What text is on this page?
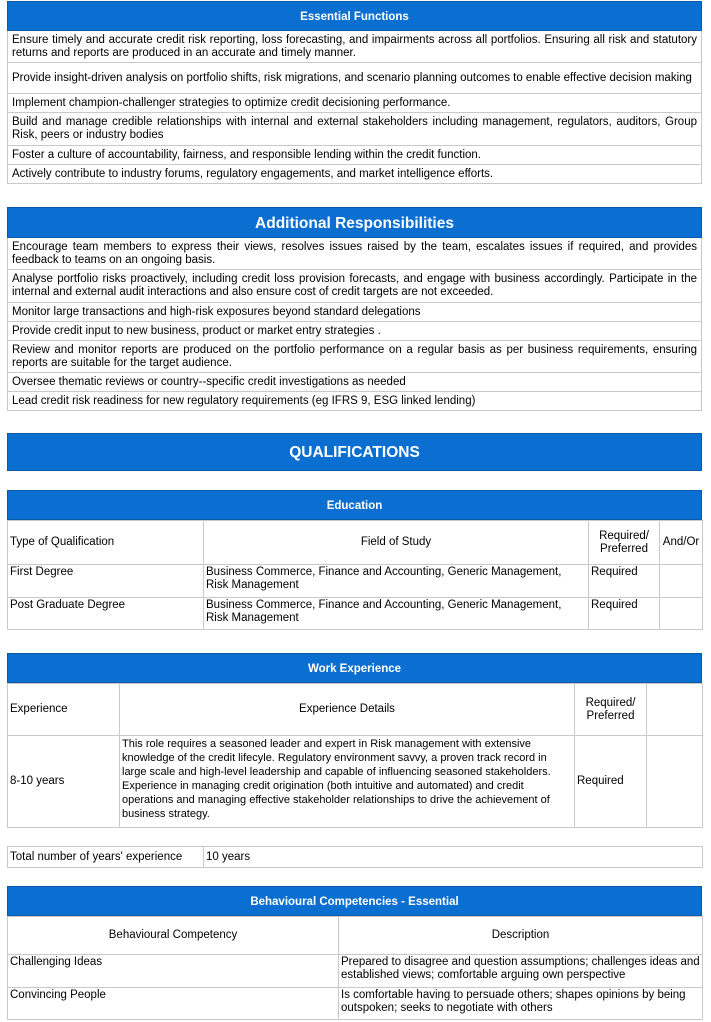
Essential Functions
Ensure timely and accurate credit risk reporting, loss forecasting, and impairments across all portfolios. Ensuring all risk and statutory returns and reports are produced in an accurate and timely manner.
Provide insight-driven analysis on portfolio shifts, risk migrations, and scenario planning outcomes to enable effective decision making
Implement champion-challenger strategies to optimize credit decisioning performance.
Build and manage credible relationships with internal and external stakeholders including management, regulators, auditors, Group Risk, peers or industry bodies
Foster a culture of accountability, fairness, and responsible lending within the credit function.
Actively contribute to industry forums, regulatory engagements, and market intelligence efforts.
Additional Responsibilities
Encourage team members to express their views, resolves issues raised by the team, escalates issues if required, and provides feedback to teams on an ongoing basis.
Analyse portfolio risks proactively, including credit loss provision forecasts, and engage with business accordingly. Participate in the internal and external audit interactions and also ensure cost of credit targets are not exceeded.
Monitor large transactions and high-risk exposures beyond standard delegations
Provide credit input to new business, product or market entry strategies .
Review and monitor reports are produced on the portfolio performance on a regular basis as per business requirements, ensuring reports are suitable for the target audience.
Oversee thematic reviews or country--specific credit investigations as needed
Lead credit risk readiness for new regulatory requirements (eg IFRS 9, ESG linked lending)
QUALIFICATIONS
Education
Type of Qualification	Field of Study	Required/ Preferred	And/Or
First Degree	Business Commerce, Finance and Accounting, Generic Management, Risk Management	Required	
Post Graduate Degree	Business Commerce, Finance and Accounting, Generic Management, Risk Management	Required	
Work Experience
Experience	Experience Details	Required/ Preferred	
8-10 years	This role requires a seasoned leader and expert in Risk management with extensive knowledge of the credit lifecyle. Regulatory environment savvy, a proven track record in large scale and high-level leadership and capable of influencing seasoned stakeholders. Experience in managing credit origination (both intuitive and automated) and credit operations and managing effective stakeholder relationships to drive the achievement of business strategy.	Required	
Total number of years' experience	10 years
Behavioural Competencies - Essential
Behavioural Competency	Description
Challenging Ideas	Prepared to disagree and question assumptions; challenges ideas and established views; comfortable arguing own perspective
Convincing People	Is comfortable having to persuade others; shapes opinions by being outspoken; seeks to negotiate with others
